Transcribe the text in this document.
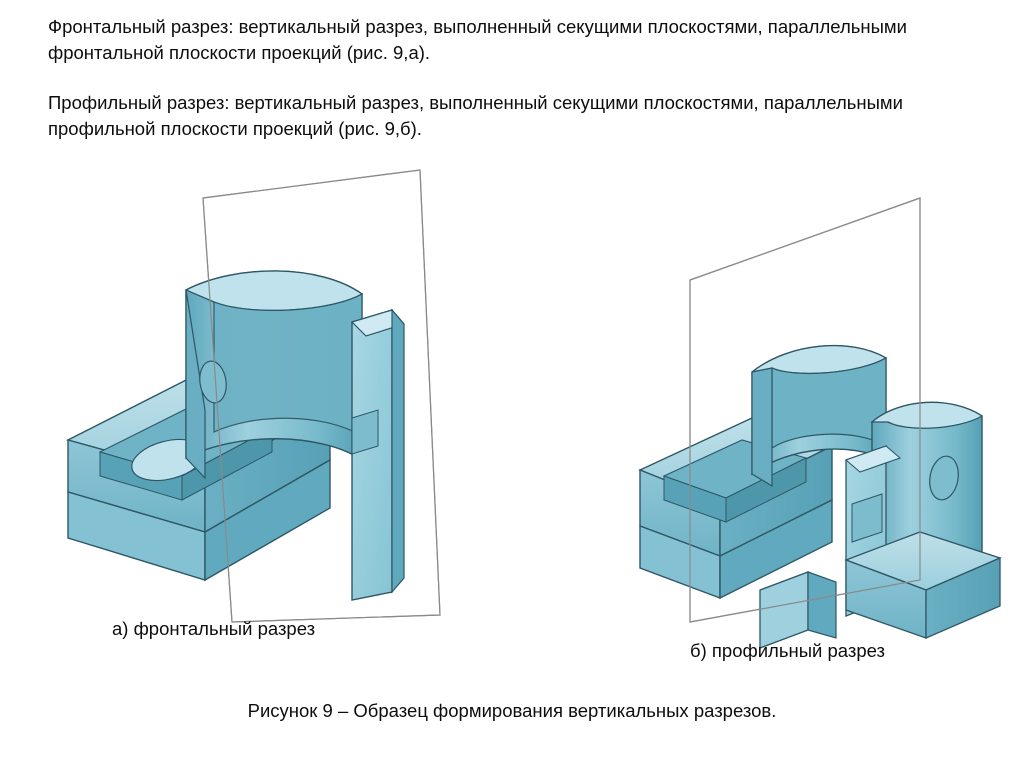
Фронтальный разрез: вертикальный разрез, выполненный секущими плоскостями, параллельными фронтальной плоскости проекций (рис. 9,а).
Профильный разрез: вертикальный разрез, выполненный секущими плоскостями, параллельными профильной плоскости проекций (рис. 9,б).
а) фронтальный разрез
б) профильный разрез
Рисунок 9 – Образец формирования вертикальных разрезов.
